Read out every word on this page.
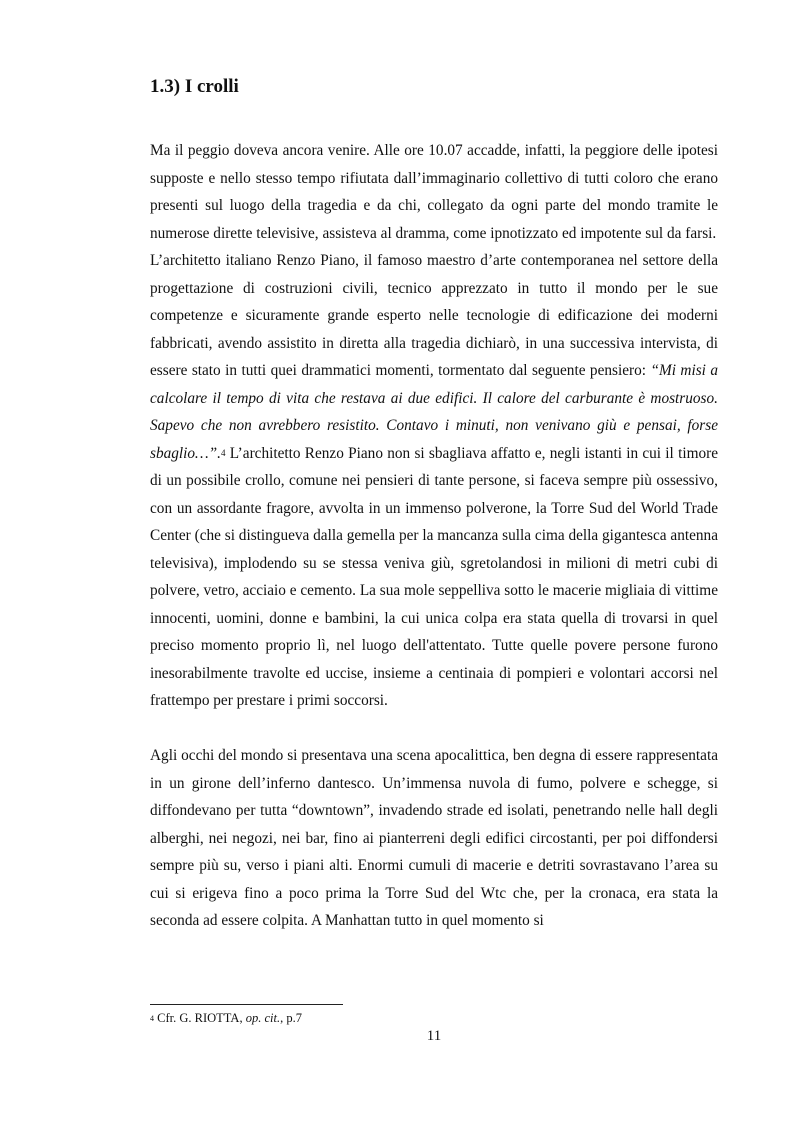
1.3) I crolli

Ma il peggio doveva ancora venire. Alle ore 10.07 accadde, infatti, la peggiore delle ipotesi supposte e nello stesso tempo rifiutata dall’immaginario collettivo di tutti coloro che erano presenti sul luogo della tragedia e da chi, collegato da ogni parte del mondo tramite le numerose dirette televisive, assisteva al dramma, come ipnotizzato ed impotente sul da farsi.

L’architetto italiano Renzo Piano, il famoso maestro d’arte contemporanea nel settore della progettazione di costruzioni civili, tecnico apprezzato in tutto il mondo per le sue competenze e sicuramente grande esperto nelle tecnologie di edificazione dei moderni fabbricati, avendo assistito in diretta alla tragedia dichiarò, in una successiva intervista, di essere stato in tutti quei drammatici momenti, tormentato dal seguente pensiero: “Mi misi a calcolare il tempo di vita che restava ai due edifici. Il calore del carburante è mostruoso. Sapevo che non avrebbero resistito. Contavo i minuti, non venivano giù e pensai, forse sbaglio…”.$^4$ L’architetto Renzo Piano non si sbagliava affatto e, negli istanti in cui il timore di un possibile crollo, comune nei pensieri di tante persone, si faceva sempre più ossessivo, con un assordante fragore, avvolta in un immenso polverone, la Torre Sud del World Trade Center (che si distingueva dalla gemella per la mancanza sulla cima della gigantesca antenna televisiva), implodendo su se stessa veniva giù, sgretolandosi in milioni di metri cubi di polvere, vetro, acciaio e cemento. La sua mole seppelliva sotto le macerie migliaia di vittime innocenti, uomini, donne e bambini, la cui unica colpa era stata quella di trovarsi in quel preciso momento proprio lì, nel luogo dell'attentato. Tutte quelle povere persone furono inesorabilmente travolte ed uccise, insieme a centinaia di pompieri e volontari accorsi nel frattempo per prestare i primi soccorsi.

Agli occhi del mondo si presentava una scena apocalittica, ben degna di essere rappresentata in un girone dell’inferno dantesco. Un’immensa nuvola di fumo, polvere e schegge, si diffondevano per tutta “downtown”, invadendo strade ed isolati, penetrando nelle hall degli alberghi, nei negozi, nei bar, fino ai pianterreni degli edifici circostanti, per poi diffondersi sempre più su, verso i piani alti. Enormi cumuli di macerie e detriti sovrastavano l’area su cui si erigeva fino a poco prima la Torre Sud del Wtc che, per la cronaca, era stata la seconda ad essere colpita. A Manhattan tutto in quel momento si

$^4$ Cfr. G. RIOTTA, op. cit., p.7

11
